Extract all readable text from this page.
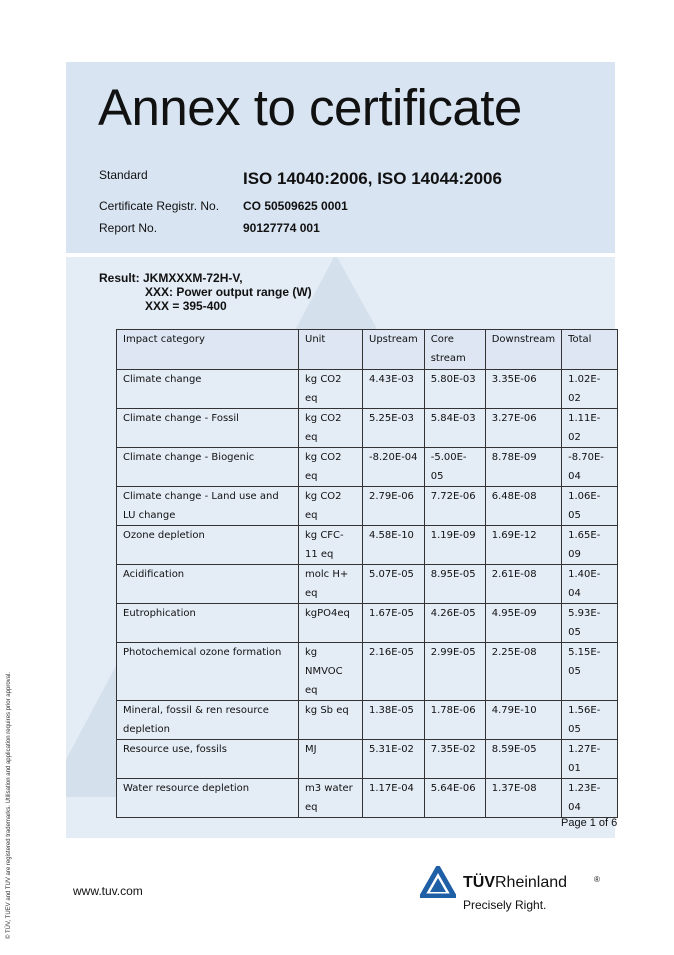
© TÜV, TUEV and TUV are registered trademarks. Utilisation and application requires prior approval.
Annex to certificate
Standard	ISO 14040:2006, ISO 14044:2006
Certificate Registr. No. CO 50509625 0001
Report No.	90127774 001
Result: JKMXXXM-72H-V,
XXX: Power output range (W)
XXX = 395-400
Impact category	Unit	Upstream	Core stream	Downstream	Total
Climate change	kg CO2 eq	4.43E-03	5.80E-03	3.35E-06	1.02E-02
Climate change - Fossil	kg CO2 eq	5.25E-03	5.84E-03	3.27E-06	1.11E-02
Climate change - Biogenic	kg CO2 eq	-8.20E-04	-5.00E-05	8.78E-09	-8.70E-04
Climate change - Land use and LU change	kg CO2 eq	2.79E-06	7.72E-06	6.48E-08	1.06E-05
Ozone depletion	kg CFC-11 eq	4.58E-10	1.19E-09	1.69E-12	1.65E-09
Acidification	molc H+ eq	5.07E-05	8.95E-05	2.61E-08	1.40E-04
Eutrophication	kgPO4eq	1.67E-05	4.26E-05	4.95E-09	5.93E-05
Photochemical ozone formation	kg NMVOC eq	2.16E-05	2.99E-05	2.25E-08	5.15E-05
Mineral, fossil & ren resource depletion	kg Sb eq	1.38E-05	1.78E-06	4.79E-10	1.56E-05
Resource use, fossils	MJ	5.31E-02	7.35E-02	8.59E-05	1.27E-01
Water resource depletion	m3 water eq	1.17E-04	5.64E-06	1.37E-08	1.23E-04
Page 1 of 6
www.tuv.com	TÜVRheinland	®
Precisely Right.
